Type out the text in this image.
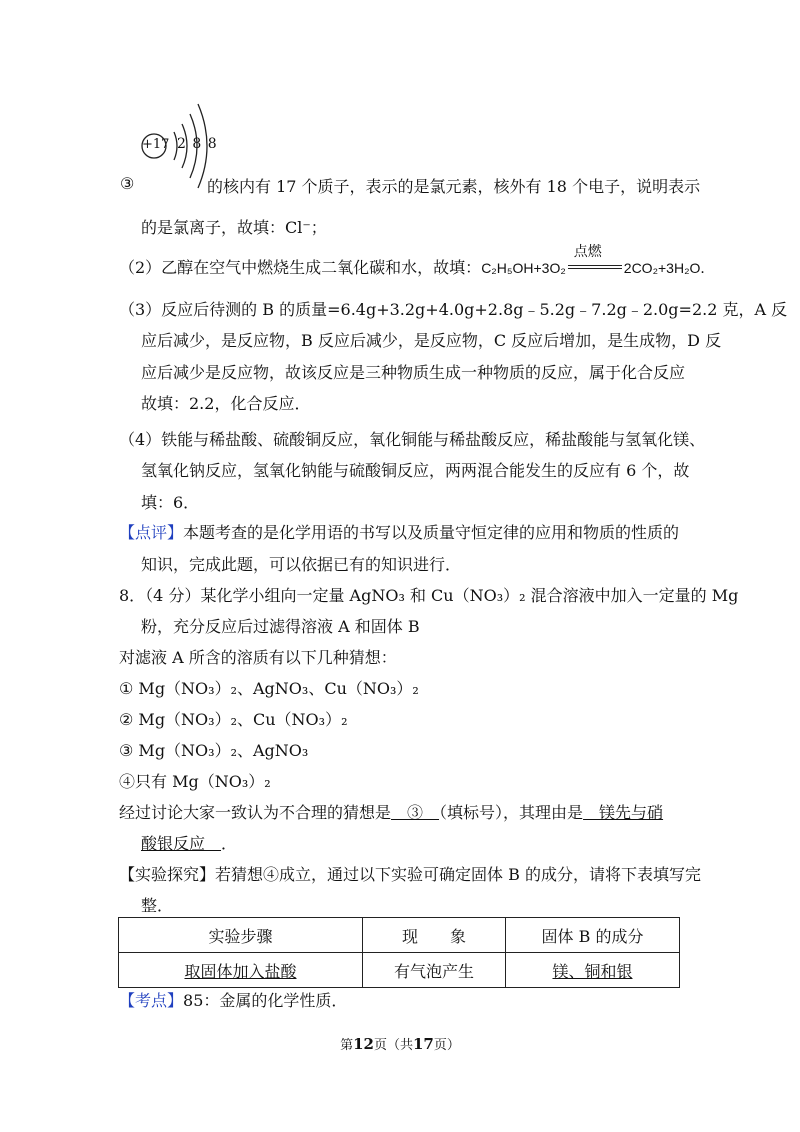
+17 2 8 8
③	的核内有 17 个质子，表示的是氯元素，核外有 18 个电子，说明表示
的是氯离子，故填：Cl⁻；
（2）乙醇在空气中燃烧生成二氧化碳和水，故填：C₂H₅OH+3O₂
点燃
2CO₂+3H₂O．
（3）反应后待测的 B 的质量=6.4g+3.2g+4.0g+2.8g﹣5.2g﹣7.2g﹣2.0g=2.2 克，A 反
应后减少，是反应物，B 反应后减少，是反应物，C 反应后增加，是生成物，D 反
应后减少是反应物，故该反应是三种物质生成一种物质的反应，属于化合反应
故填：2.2，化合反应．
（4）铁能与稀盐酸、硫酸铜反应，氧化铜能与稀盐酸反应，稀盐酸能与氢氧化镁、
氢氧化钠反应，氢氧化钠能与硫酸铜反应，两两混合能发生的反应有 6 个，故
填：6．
【点评】本题考查的是化学用语的书写以及质量守恒定律的应用和物质的性质的
知识，完成此题，可以依据已有的知识进行．
8．（4 分）某化学小组向一定量 AgNO₃ 和 Cu（NO₃）₂ 混合溶液中加入一定量的 Mg
粉，充分反应后过滤得溶液 A 和固体 B
对滤液 A 所含的溶质有以下几种猜想：
① Mg（NO₃）₂、AgNO₃、Cu（NO₃）₂
② Mg（NO₃）₂、Cu（NO₃）₂
③ Mg（NO₃）₂、AgNO₃
④只有 Mg（NO₃）₂
经过讨论大家一致认为不合理的猜想是　③　（填标号），其理由是　镁先与硝
酸银反应　．
【实验探究】若猜想④成立，通过以下实验可确定固体 B 的成分，请将下表填写完
整．
实验步骤	现　　象	固体 B 的成分
取固体加入盐酸	有气泡产生	镁、铜和银
【考点】85：金属的化学性质．
第12页（共17页）
